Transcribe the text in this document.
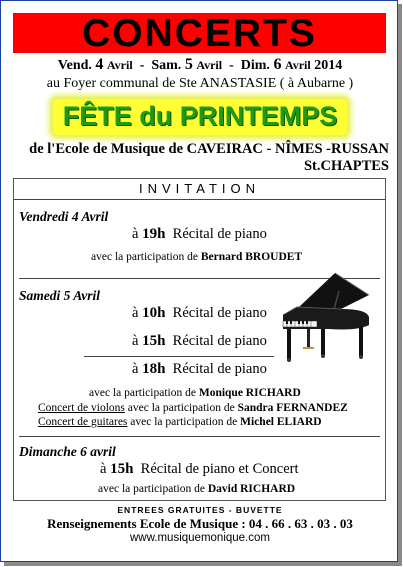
CONCERTS
Vend. 4 Avril  -  Sam. 5 Avril  -  Dim. 6 Avril 2014
au Foyer communal de Ste ANASTASIE ( à Aubarne )
FÊTE du PRINTEMPS
de l'Ecole de Musique de CAVEIRAC - NÎMES -RUSSAN
St.CHAPTES
INVITATION
Vendredi 4 Avril
à 19h Récital de piano
avec la participation de Bernard BROUDET
Samedi 5 Avril
à 10h Récital de piano
à 15h Récital de piano
à 18h Récital de piano
avec la participation de Monique RICHARD
Concert de violons avec la participation de Sandra FERNANDEZ
Concert de guitares avec la participation de Michel ELIARD
Dimanche 6 avril
à 15h Récital de piano et Concert
avec la participation de David RICHARD
ENTREES GRATUITES - BUVETTE
Renseignements Ecole de Musique : 04 . 66 . 63 . 03 . 03
www.musiquemonique.com
